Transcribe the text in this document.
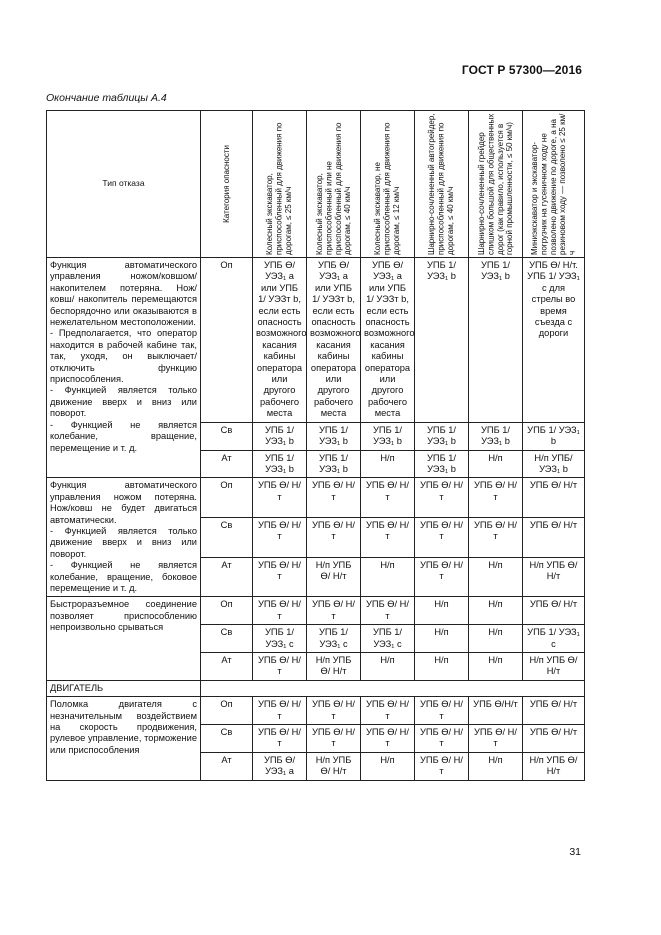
ГОСТ Р 57300—2016
Окончание таблицы А.4
Тип отказа	Категория опасности	Колесный экскаватор, приспособленный для движения по дорогам, ≤ 25 км/ч	Колесный экскаватор, приспособленный или не приспособленный для движения по дорогам, ≤ 40 км/ч	Колесный экскаватор, не приспособленный для движения по дорогам, ≤ 12 км/ч	Шарнирно-сочлененный автогрейдер, приспособленный для движения по дорогам, ≤ 40 км/ч	Шарнирно-сочлененный грейдер слишком большой для общественных дорог (как правило, используется в горной промышленности, ≤ 50 км/ч)	Миниэкскаватор и экскаватор-погрузчик на гусеничном ходу не позволено движение по дороге, а на резиновом ходу — позволено ≤ 25 км/ч

Функция автоматического управления ножом/ковшом/накопителем потеряна. Нож/ковш/ накопитель перемещаются беспорядочно или оказываются в нежелательном местоположении.
- Предполагается, что оператор находится в рабочей кабине так, так, уходя, он выключает/отключить функцию приспособления.
- Функцией является только движение вверх и вниз или поворот.
- Функцией не является колебание, вращение, перемещение и т. д.	Оп	УПБ Ѳ/ УЭЗ₁ a или УПБ 1/ УЭЗт b, если есть опасность возможного касания кабины оператора или другого рабочего места	УПБ Ѳ/ УЭЗ₁ a или УПБ 1/ УЭЗт b, если есть опасность возможного касания кабины оператора или другого рабочего места	УПБ Ѳ/ УЭЗ₁ a или УПБ 1/ УЭЗт b, если есть опасность возможного касания кабины оператора или другого рабочего места	УПБ 1/ УЭЗ₁ b	УПБ 1/ УЭЗ₁ b	УПБ Ѳ/ Н/т. УПБ 1/ УЭЗ₁ c для стрелы во время съезда с дороги
	Св	УПБ 1/ УЭЗ₁ b	УПБ 1/ УЭЗ₁ b	УПБ 1/ УЭЗ₁ b	УПБ 1/ УЭЗ₁ b	УПБ 1/ УЭЗ₁ b	УПБ 1/ УЭЗ₁ b
	Ат	УПБ 1/ УЭЗ₁ b	УПБ 1/ УЭЗ₁ b	Н/п	УПБ 1/ УЭЗ₁ b	Н/п	Н/п УПБ/ УЭЗ₁ b
Функция автоматического управления ножом потеряна. Нож/ковш не будет двигаться автоматически.
- Функцией является только движение вверх и вниз или поворот.
- Функцией не является колебание, вращение, боковое перемещение и т. д.	Оп	УПБ Ѳ/ Н/т	УПБ Ѳ/ Н/т	УПБ Ѳ/ Н/т	УПБ Ѳ/ Н/т	УПБ Ѳ/ Н/т	УПБ Ѳ/ Н/т
	Св	УПБ Ѳ/ Н/т	УПБ Ѳ/ Н/т	УПБ Ѳ/ Н/т	УПБ Ѳ/ Н/т	УПБ Ѳ/ Н/т	УПБ Ѳ/ Н/т
	Ат	УПБ Ѳ/ Н/т	Н/п УПБ Ѳ/ Н/т	Н/п	УПБ Ѳ/ Н/т	Н/п	Н/п УПБ Ѳ/ Н/т
Быстроразъемное соединение позволяет приспособлению непроизвольно срываться	Оп	УПБ Ѳ/ Н/т	УПБ Ѳ/ Н/т	УПБ Ѳ/ Н/т	Н/п	Н/п	УПБ Ѳ/ Н/т
	Св	УПБ 1/ УЭЗ₁ c	УПБ 1/ УЭЗ₁ c	УПБ 1/ УЭЗ₁ c	Н/п	Н/п	УПБ 1/ УЭЗ₁ c
	Ат	УПБ Ѳ/ Н/т	Н/п УПБ Ѳ/ Н/т	Н/п	Н/п	Н/п	Н/п УПБ Ѳ/ Н/т
ДВИГАТЕЛЬ							
Поломка двигателя с незначительным воздействием на скорость продвижения, рулевое управление, торможение или приспособления	Оп	УПБ Ѳ/ Н/т	УПБ Ѳ/ Н/т	УПБ Ѳ/ Н/т	УПБ Ѳ/ Н/т	УПБ Ѳ/Н/т	УПБ Ѳ/ Н/т
	Св	УПБ Ѳ/ Н/т	УПБ Ѳ/ Н/т	УПБ Ѳ/ Н/т	УПБ Ѳ/ Н/т	УПБ Ѳ/ Н/т	УПБ Ѳ/ Н/т
	Ат	УПБ Ѳ/ УЭЗ₁ a	Н/п УПБ Ѳ/ Н/т	Н/п	УПБ Ѳ/ Н/т	Н/п	Н/п УПБ Ѳ/ Н/т
31
